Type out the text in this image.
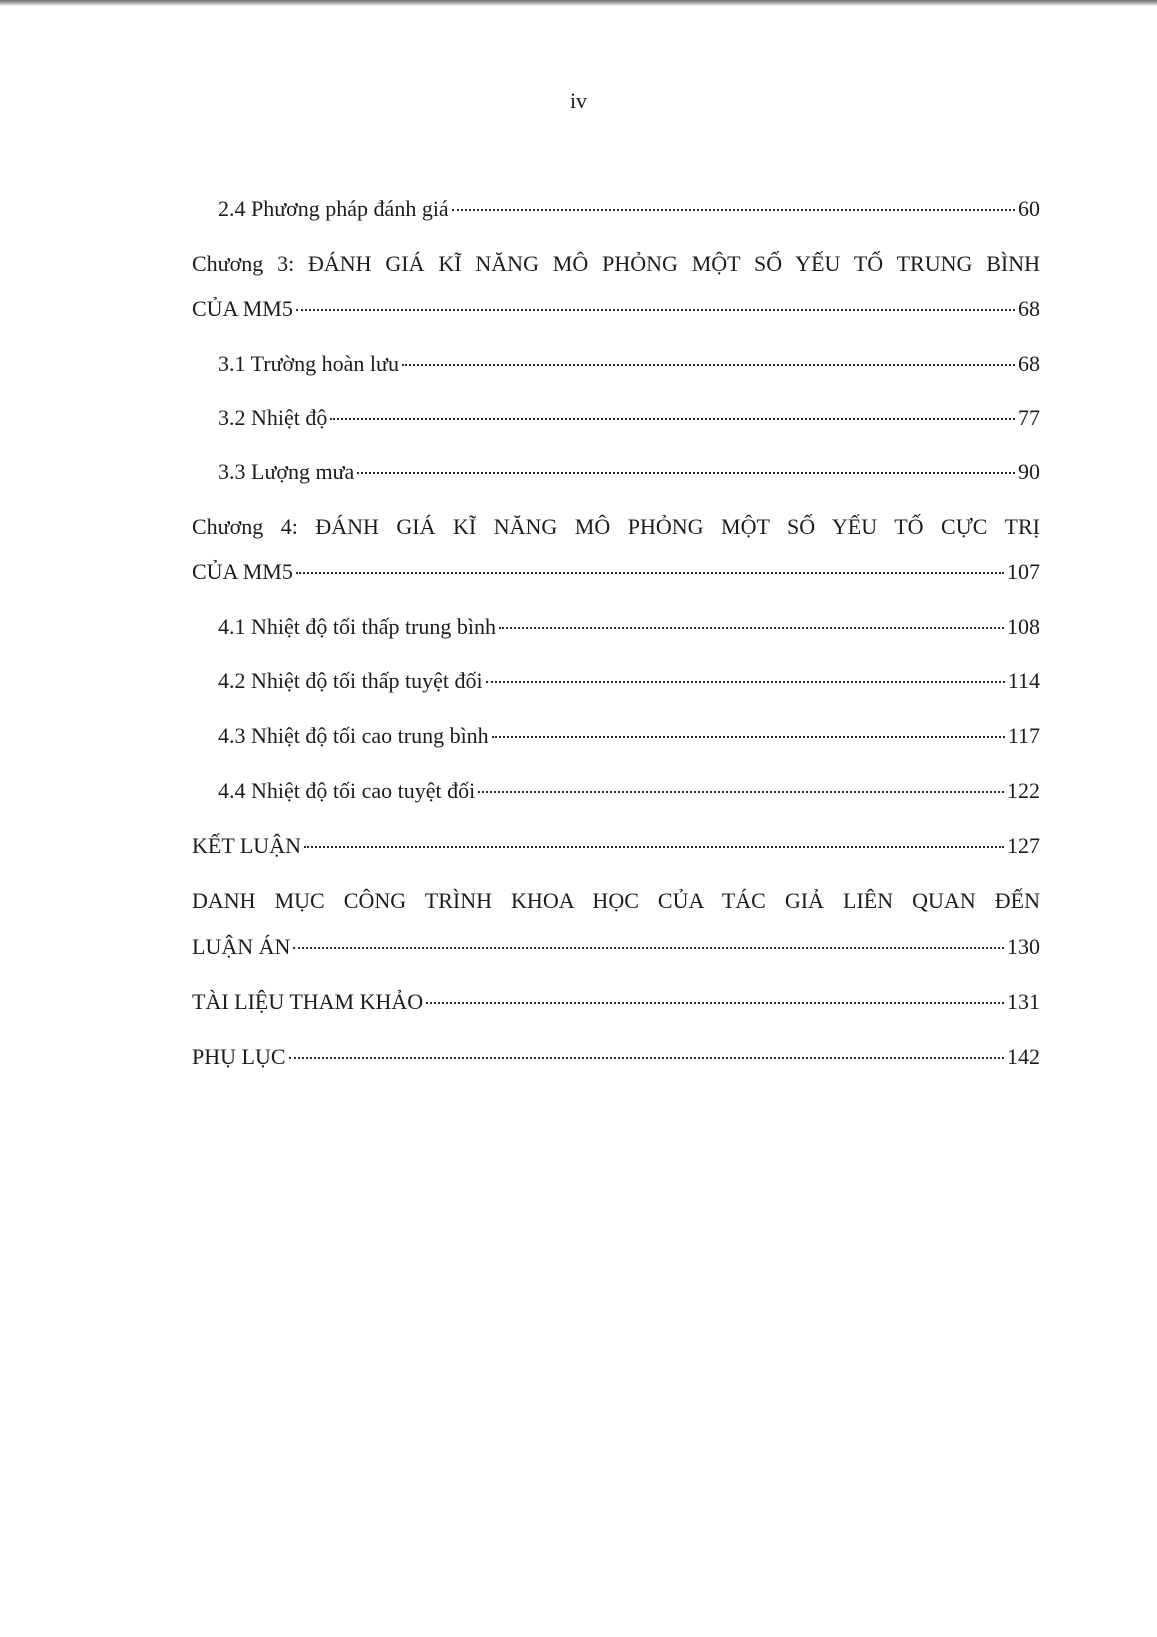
iv
2.4 Phương pháp đánh giá	60
Chương 3: ĐÁNH GIÁ KĨ NĂNG MÔ PHỎNG MỘT SỐ YẾU TỐ TRUNG BÌNH
CỦA MM5	68
3.1 Trường hoàn lưu	68
3.2 Nhiệt độ	77
3.3 Lượng mưa	90
Chương 4: ĐÁNH GIÁ KĨ NĂNG MÔ PHỎNG MỘT SỐ YẾU TỐ CỰC TRỊ
CỦA MM5	107
4.1 Nhiệt độ tối thấp trung bình	108
4.2 Nhiệt độ tối thấp tuyệt đối	114
4.3 Nhiệt độ tối cao trung bình	117
4.4 Nhiệt độ tối cao tuyệt đối	122
KẾT LUẬN	127
DANH MỤC CÔNG TRÌNH KHOA HỌC CỦA TÁC GIẢ LIÊN QUAN ĐẾN
LUẬN ÁN	130
TÀI LIỆU THAM KHẢO	131
PHỤ LỤC	142
